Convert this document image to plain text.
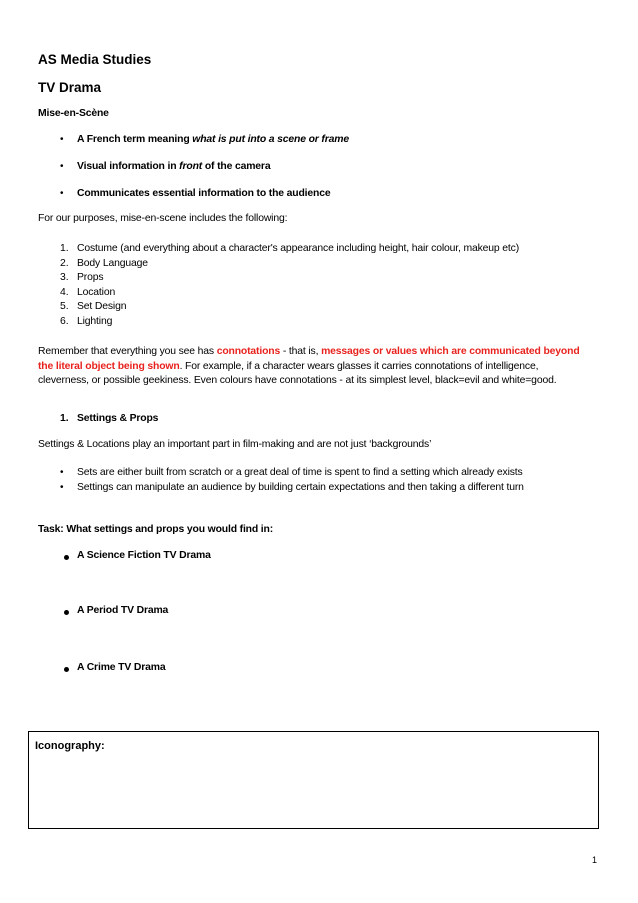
AS Media Studies
TV Drama
Mise-en-Scène
• A French term meaning what is put into a scene or frame
• Visual information in front of the camera
• Communicates essential information to the audience
For our purposes, mise-en-scene includes the following:
1. Costume (and everything about a character's appearance including height, hair colour, makeup etc)
2. Body Language
3. Props
4. Location
5. Set Design
6. Lighting
Remember that everything you see has connotations - that is, messages or values which are communicated beyond
the literal object being shown. For example, if a character wears glasses it carries connotations of intelligence,
cleverness, or possible geekiness. Even colours have connotations - at its simplest level, black=evil and white=good.
1. Settings & Props
Settings & Locations play an important part in film-making and are not just ‘backgrounds’
• Sets are either built from scratch or a great deal of time is spent to find a setting which already exists
• Settings can manipulate an audience by building certain expectations and then taking a different turn
Task: What settings and props you would find in:
A Science Fiction TV Drama
A Period TV Drama
A Crime TV Drama
Iconography:
1
